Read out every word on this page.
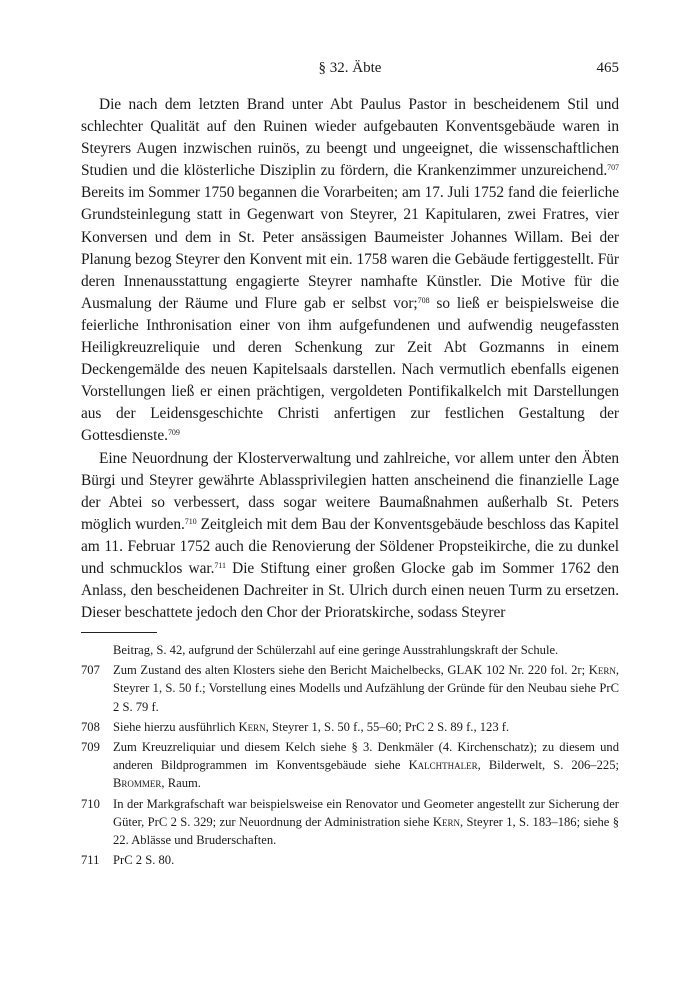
§ 32. Äbte	465

Die nach dem letzten Brand unter Abt Paulus Pastor in bescheidenem Stil und schlechter Qualität auf den Ruinen wieder aufgebauten Konventsgebäude waren in Steyrers Augen inzwischen ruinös, zu beengt und ungeeignet, die wissenschaftlichen Studien und die klösterliche Disziplin zu fördern, die Krankenzimmer unzureichend.$^{707}$ Bereits im Sommer 1750 begannen die Vorarbeiten; am 17. Juli 1752 fand die feierliche Grundsteinlegung statt in Gegenwart von Steyrer, 21 Kapitularen, zwei Fratres, vier Konversen und dem in St. Peter ansässigen Baumeister Johannes Willam. Bei der Planung bezog Steyrer den Konvent mit ein. 1758 waren die Gebäude fertiggestellt. Für deren Innenausstattung engagierte Steyrer namhafte Künstler. Die Motive für die Ausmalung der Räume und Flure gab er selbst vor;$^{708}$ so ließ er beispielsweise die feierliche Inthronisation einer von ihm aufgefundenen und aufwendig neugefassten Heiligkreuzreliquie und deren Schenkung zur Zeit Abt Gozmanns in einem Deckengemälde des neuen Kapitelsaals darstellen. Nach vermutlich ebenfalls eigenen Vorstellungen ließ er einen prächtigen, vergoldeten Pontifikalkelch mit Darstellungen aus der Leidensgeschichte Christi anfertigen zur festlichen Gestaltung der Gottesdienste.$^{709}$

Eine Neuordnung der Klosterverwaltung und zahlreiche, vor allem unter den Äbten Bürgi und Steyrer gewährte Ablassprivilegien hatten anscheinend die finanzielle Lage der Abtei so verbessert, dass sogar weitere Baumaßnahmen außerhalb St. Peters möglich wurden.$^{710}$ Zeitgleich mit dem Bau der Konventsgebäude beschloss das Kapitel am 11. Februar 1752 auch die Renovierung der Söldener Propsteikirche, die zu dunkel und schmucklos war.$^{711}$ Die Stiftung einer großen Glocke gab im Sommer 1762 den Anlass, den bescheidenen Dachreiter in St. Ulrich durch einen neuen Turm zu ersetzen. Dieser beschattete jedoch den Chor der Prioratskirche, sodass Steyrer

Beitrag, S. 42, aufgrund der Schülerzahl auf eine geringe Ausstrahlungskraft der Schule.
707 Zum Zustand des alten Klosters siehe den Bericht Maichelbecks, GLAK 102 Nr. 220 fol. 2r; Kern, Steyrer 1, S. 50 f.; Vorstellung eines Modells und Aufzählung der Gründe für den Neubau siehe PrC 2 S. 79 f.
708 Siehe hierzu ausführlich Kern, Steyrer 1, S. 50 f., 55–60; PrC 2 S. 89 f., 123 f.
709 Zum Kreuzreliquiar und diesem Kelch siehe § 3. Denkmäler (4. Kirchenschatz); zu diesem und anderen Bildprogrammen im Konventsgebäude siehe Kalchthaler, Bilderwelt, S. 206–225; Brommer, Raum.
710 In der Markgrafschaft war beispielsweise ein Renovator und Geometer angestellt zur Sicherung der Güter, PrC 2 S. 329; zur Neuordnung der Administration siehe Kern, Steyrer 1, S. 183–186; siehe § 22. Ablässe und Bruderschaften.
711 PrC 2 S. 80.
